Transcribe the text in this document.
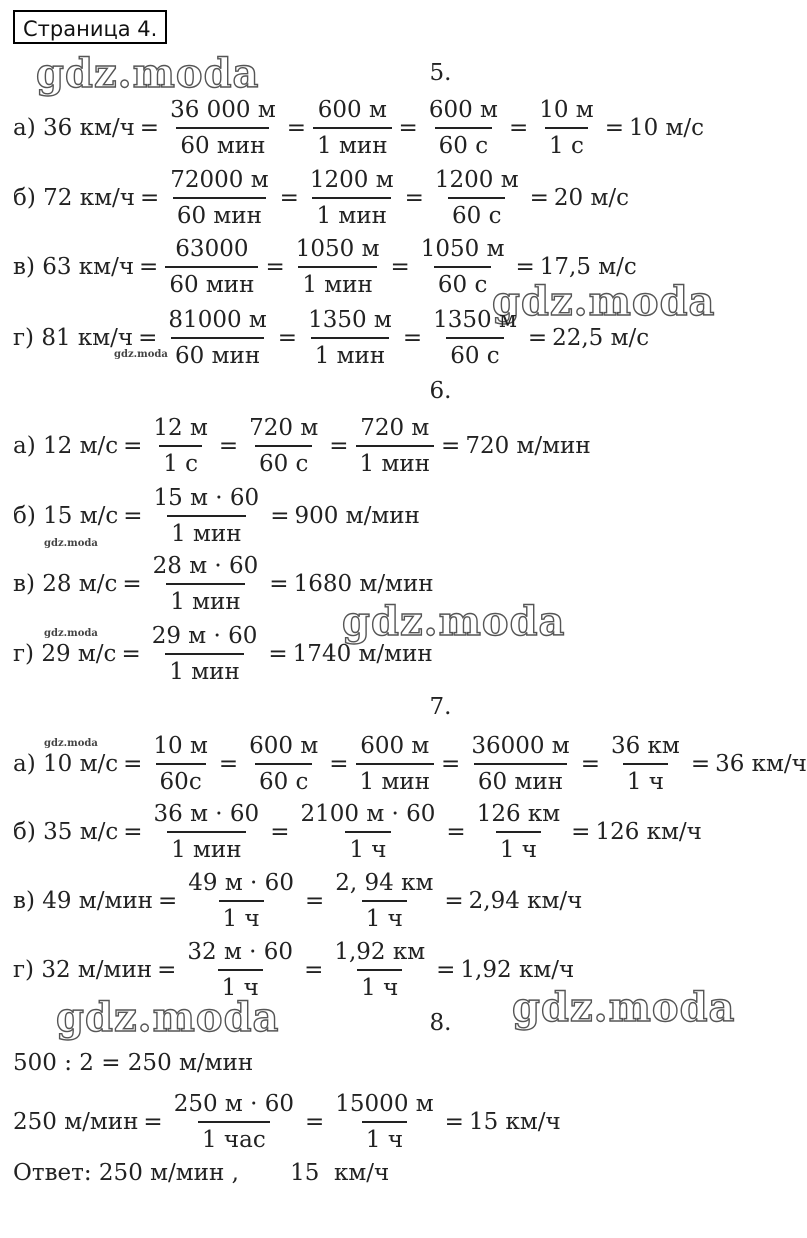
Страница 4.
gdz.moda
gdz.moda
gdz.moda
gdz.moda
gdz.moda
gdz.moda
gdz.moda
gdz.moda	gdz.moda
5.
а) 36 $км/ч = \frac{36 000 м}{\text{60 мин}} = \frac{600 м}{\text{1 мин}} = \frac{600 м}{60 с} = \frac{10 м}{1 с} = 10$ м/с
б) 72 $км/ч = \frac{72000 м}{\text{60 мин}} = \frac{1200 м}{\text{1 мин}} = \frac{1200 м}{60 с} = 20$ м/с
в) 63 $км/ч = \frac{63000}{\text{60 мин}} = \frac{1050 м}{\text{1 мин}} = \frac{1050 м}{60 с} = 17,5$ м/с
г) 81 $км/ч = \frac{81000 м}{\text{60 мин}} = \frac{1350 м}{\text{1 мин}} = \frac{1350 м}{60 с} = 22,5$ м/с
6.
а) 12 $м/с = \frac{12 м}{1 с} = \frac{720 м}{60 с} = \frac{720 м}{\text{1 мин}} = 720$ м/мин
б) 15 $м/с = \frac{15 м \cdot 60}{\text{1 мин}} = 900$ м/мин
в) 28 $м/с = \frac{28 м \cdot 60}{\text{1 мин}} = 1680$ м/мин
г) 29 $м/с = \frac{29 м \cdot 60}{\text{1 мин}} = 1740$ м/мин
7.
а) 10 $м/с = \frac{10 м}{60с} = \frac{600 м}{60 с} = \frac{600 м}{\text{1 мин}} = \frac{36000 м}{\text{60 мин}} = \frac{36 км}{1 ч} = 36$ км/ч
б) 35 $м/с = \frac{36 м \cdot 60}{\text{1 мин}} = \frac{2100 м \cdot 60}{1 ч} = \frac{126 км}{1 ч} = 126$ км/ч
в) 49 $м/мин = \frac{49 м \cdot 60}{1 ч} = \frac{2, 94 км}{1 ч} = 2,94$ км/ч
г) 32 $м/мин = \frac{32 м \cdot 60}{1 ч} = \frac{1,92 км}{1 ч} = 1,92$ км/ч
8.
500 : 2 = 250 м/мин
250 $м/мин = \frac{250 м \cdot 60}{\text{1 час}} = \frac{15000 м}{1 ч} = 15$ км/ч
Ответ: 250 м/мин ,       15  км/ч
